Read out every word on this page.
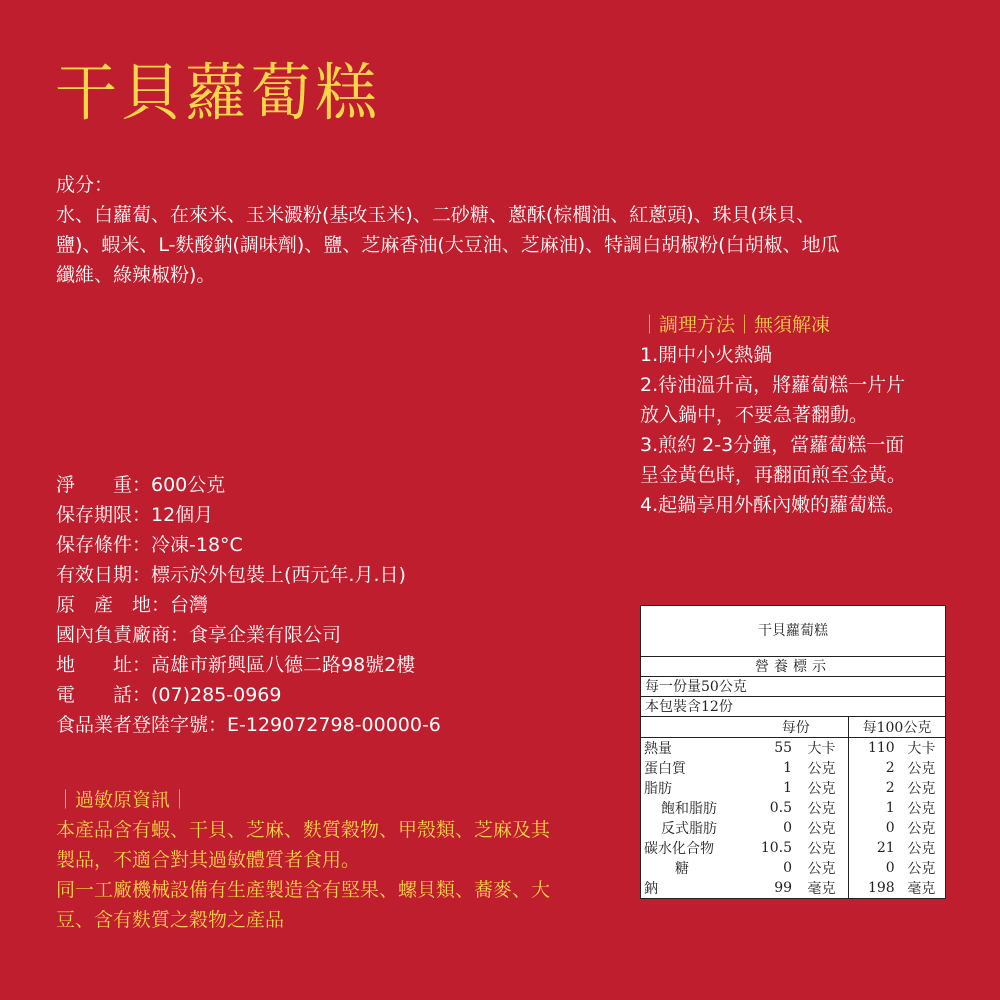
干貝蘿蔔糕
成分：
水、白蘿蔔、在來米、玉米澱粉(基改玉米)、二砂糖、蔥酥(棕櫚油、紅蔥頭)、珠貝(珠貝、
鹽)、蝦米、L-麩酸鈉(調味劑)、鹽、芝麻香油(大豆油、芝麻油)、特調白胡椒粉(白胡椒、地瓜
纖維、綠辣椒粉)。
｜調理方法｜無須解凍
1.開中小火熱鍋
2.待油溫升高，將蘿蔔糕一片片
放入鍋中，不要急著翻動。
3.煎約 2-3分鐘，當蘿蔔糕一面
呈金黃色時，再翻面煎至金黃。
4.起鍋享用外酥內嫩的蘿蔔糕。
淨　　重：600公克
保存期限：12個月
保存條件：冷凍-18°C
有效日期：標示於外包裝上(西元年.月.日)
原　產　地：台灣
國內負責廠商：食享企業有限公司
地　　址：高雄市新興區八德二路98號2樓
電　　話：(07)285-0969
食品業者登陸字號：E-129072798-00000-6
｜過敏原資訊｜
本產品含有蝦、干貝、芝麻、麩質穀物、甲殼類、芝麻及其
製品，不適合對其過敏體質者食用。
同一工廠機械設備有生產製造含有堅果、螺貝類、蕎麥、大
豆、含有麩質之穀物之產品
干貝蘿蔔糕
營養標示
每一份量50公克
本包裝含12份
	每份		每100公克	
熱量	55	大卡	110	大卡
蛋白質	1	公克	2	公克
脂肪	1	公克	2	公克
飽和脂肪	0.5	公克	1	公克
反式脂肪	0	公克	0	公克
碳水化合物	10.5	公克	21	公克
糖	0	公克	0	公克
鈉	99	毫克	198	毫克
